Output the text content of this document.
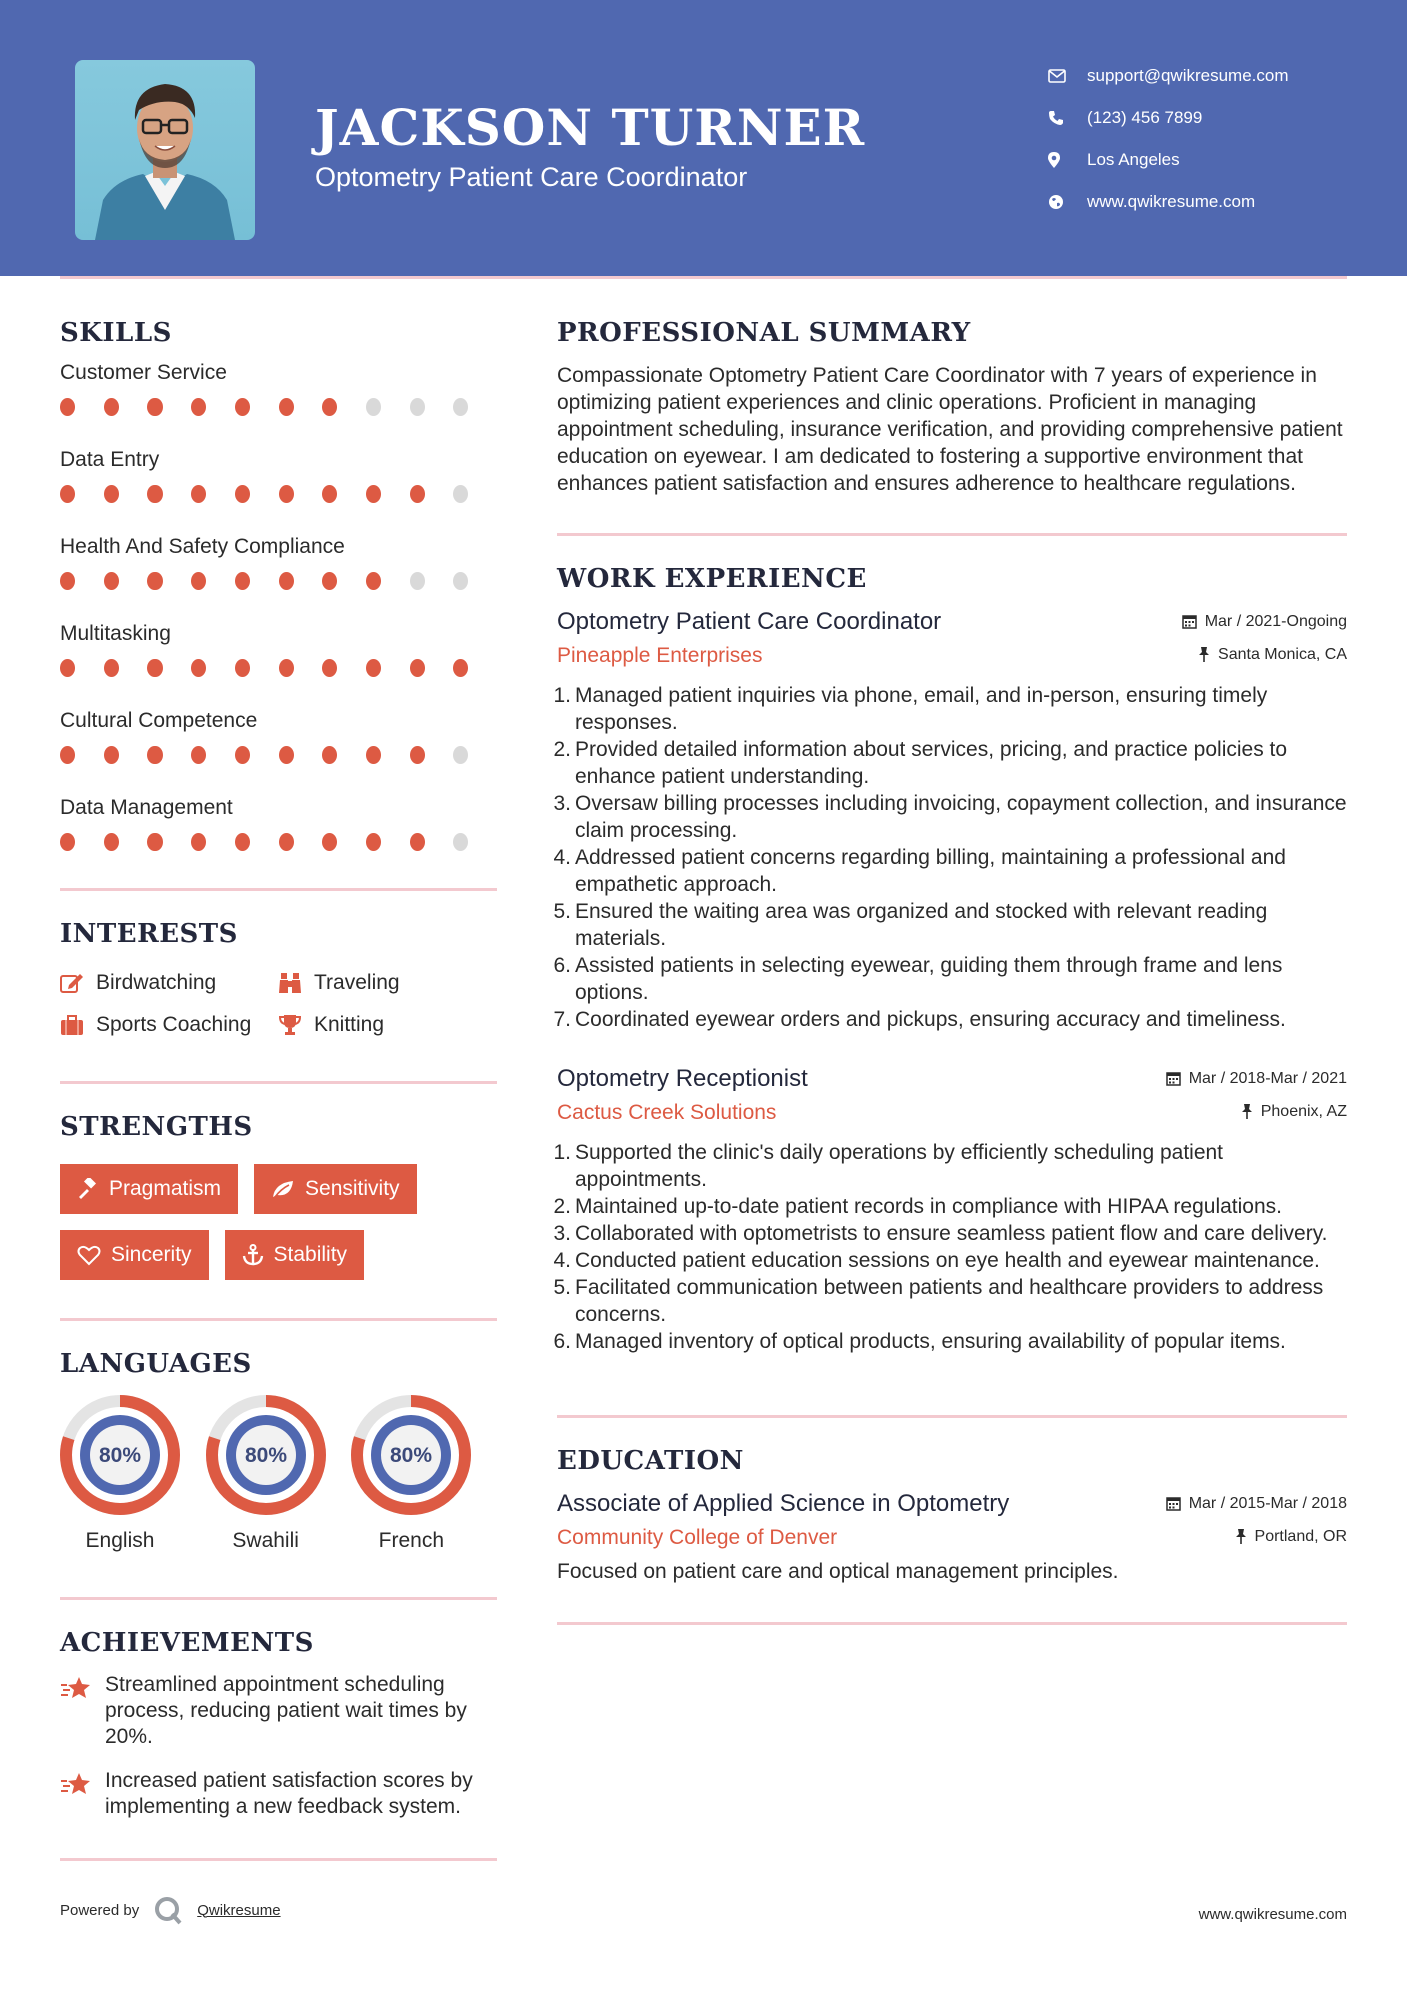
JACKSON TURNER
Optometry Patient Care Coordinator
support@qwikresume.com
(123) 456 7899
Los Angeles
www.qwikresume.com
SKILLS
Customer Service
Data Entry
Health And Safety Compliance
Multitasking
Cultural Competence
Data Management
INTERESTS
Birdwatching	Traveling
Sports Coaching	Knitting
STRENGTHS
Pragmatism	Sensitivity
Sincerity	Stability
LANGUAGES
80%
English
80%
Swahili
80%
French
ACHIEVEMENTS
Streamlined appointment scheduling process, reducing patient wait times by 20%.
Increased patient satisfaction scores by implementing a new feedback system.
PROFESSIONAL SUMMARY

Compassionate Optometry Patient Care Coordinator with 7 years of experience in optimizing patient experiences and clinic operations. Proficient in managing appointment scheduling, insurance verification, and providing comprehensive patient education on eyewear. I am dedicated to fostering a supportive environment that enhances patient satisfaction and ensures adherence to healthcare regulations.

WORK EXPERIENCE
Optometry Patient Care Coordinator	Mar / 2021-Ongoing
Pineapple Enterprises	Santa Monica, CA
1. Managed patient inquiries via phone, email, and in-person, ensuring timely responses.
2. Provided detailed information about services, pricing, and practice policies to enhance patient understanding.
3. Oversaw billing processes including invoicing, copayment collection, and insurance claim processing.
4. Addressed patient concerns regarding billing, maintaining a professional and empathetic approach.
5. Ensured the waiting area was organized and stocked with relevant reading materials.
6. Assisted patients in selecting eyewear, guiding them through frame and lens options.
7. Coordinated eyewear orders and pickups, ensuring accuracy and timeliness.
Optometry Receptionist	Mar / 2018-Mar / 2021
Cactus Creek Solutions	Phoenix, AZ
1. Supported the clinic's daily operations by efficiently scheduling patient appointments.
2. Maintained up-to-date patient records in compliance with HIPAA regulations.
3. Collaborated with optometrists to ensure seamless patient flow and care delivery.
4. Conducted patient education sessions on eye health and eyewear maintenance.
5. Facilitated communication between patients and healthcare providers to address concerns.
6. Managed inventory of optical products, ensuring availability of popular items.
EDUCATION
Associate of Applied Science in Optometry	Mar / 2015-Mar / 2018
Community College of Denver	Portland, OR

Focused on patient care and optical management principles.

Powered by	Qwikresume	www.qwikresume.com
